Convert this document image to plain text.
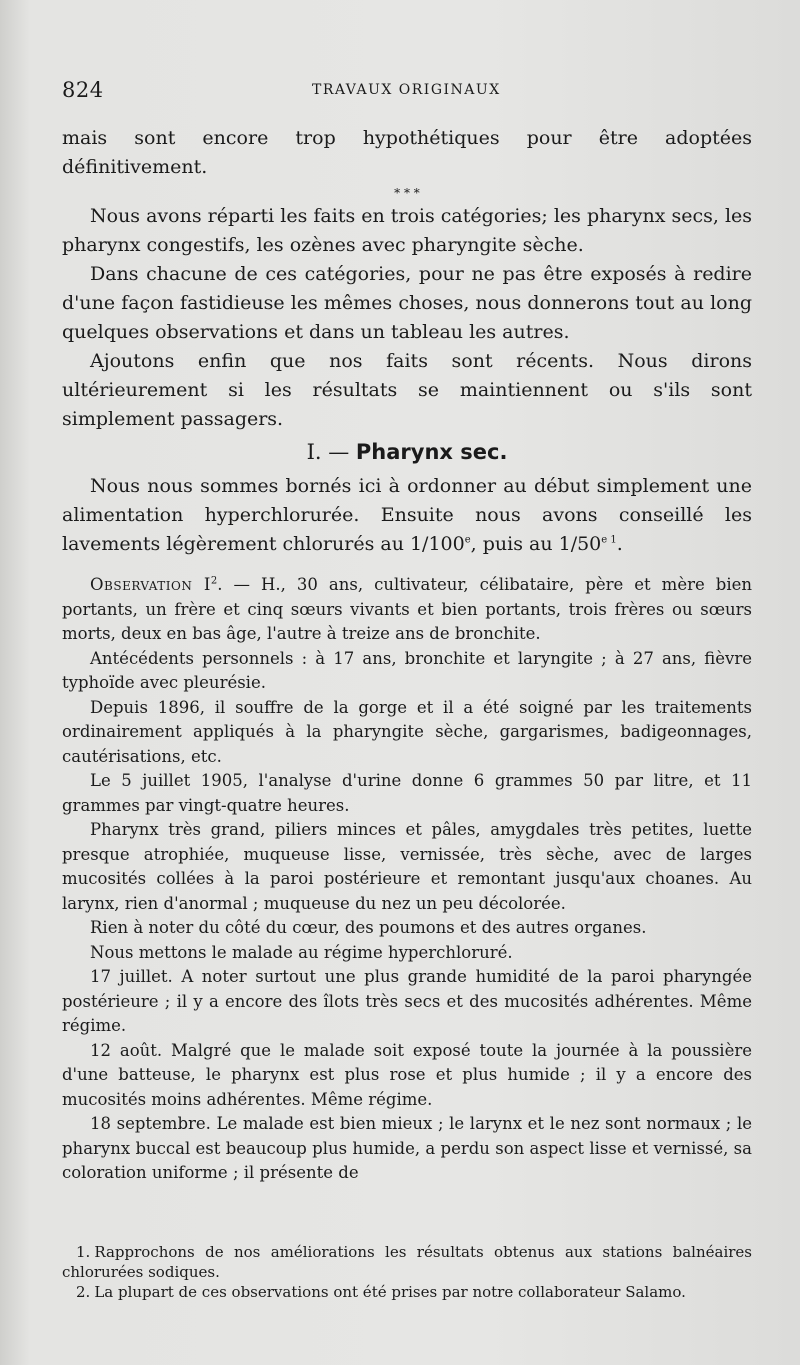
824	TRAVAUX ORIGINAUX

mais sont encore trop hypothétiques pour être adoptées définitivement.

* * *

Nous avons réparti les faits en trois catégories; les pharynx secs, les pharynx congestifs, les ozènes avec pharyngite sèche.

Dans chacune de ces catégories, pour ne pas être exposés à redire d'une façon fastidieuse les mêmes choses, nous donnerons tout au long quelques observations et dans un tableau les autres.

Ajoutons enfin que nos faits sont récents. Nous dirons ultérieurement si les résultats se maintiennent ou s'ils sont simplement passagers.

I. — Pharynx sec.

Nous nous sommes bornés ici à ordonner au début simplement une alimentation hyperchlorurée. Ensuite nous avons conseillé les lavements légèrement chlorurés au 1/100e, puis au $1/50^{e 1}$.

Observation $I^2$. — H., 30 ans, cultivateur, célibataire, père et mère bien portants, un frère et cinq sœurs vivants et bien portants, trois frères ou sœurs morts, deux en bas âge, l'autre à treize ans de bronchite.

Antécédents personnels : à 17 ans, bronchite et laryngite ; à 27 ans, fièvre typhoïde avec pleurésie.

Depuis 1896, il souffre de la gorge et il a été soigné par les traitements ordinairement appliqués à la pharyngite sèche, gargarismes, badigeonnages, cautérisations, etc.

Le 5 juillet 1905, l'analyse d'urine donne 6 grammes 50 par litre, et 11 grammes par vingt-quatre heures.

Pharynx très grand, piliers minces et pâles, amygdales très petites, luette presque atrophiée, muqueuse lisse, vernissée, très sèche, avec de larges mucosités collées à la paroi postérieure et remontant jusqu'aux choanes. Au larynx, rien d'anormal ; muqueuse du nez un peu décolorée.

Rien à noter du côté du cœur, des poumons et des autres organes.

Nous mettons le malade au régime hyperchloruré.

17 juillet. A noter surtout une plus grande humidité de la paroi pharyngée postérieure ; il y a encore des îlots très secs et des mucosités adhérentes. Même régime.

12 août. Malgré que le malade soit exposé toute la journée à la poussière d'une batteuse, le pharynx est plus rose et plus humide ; il y a encore des mucosités moins adhérentes. Même régime.

18 septembre. Le malade est bien mieux ; le larynx et le nez sont normaux ; le pharynx buccal est beaucoup plus humide, a perdu son aspect lisse et vernissé, sa coloration uniforme ; il présente de

1. Rapprochons de nos améliorations les résultats obtenus aux stations balnéaires chlorurées sodiques.

2. La plupart de ces observations ont été prises par notre collaborateur Salamo.
